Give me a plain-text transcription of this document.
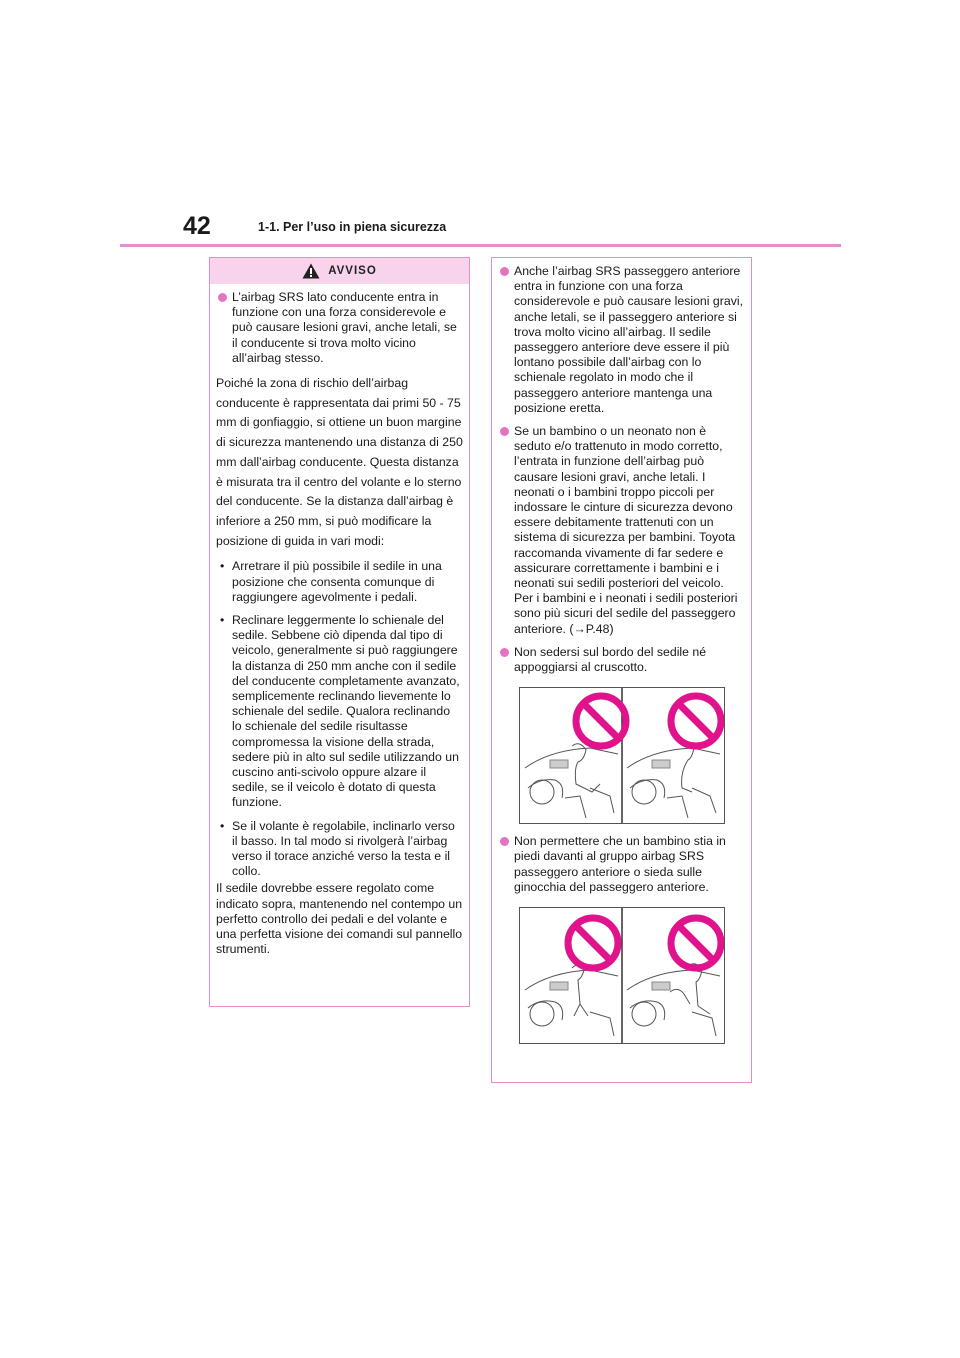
42	1-1. Per l’uso in piena sicurezza
AVVISO
L’airbag SRS lato conducente entra in funzione con una forza considerevole e può causare lesioni gravi, anche letali, se il conducente si trova molto vicino all’airbag stesso.

Poiché la zona di rischio dell’airbag conducente è rappresentata dai primi 50 - 75 mm di gonfiaggio, si ottiene un buon margine di sicurezza mantenendo una distanza di 250 mm dall’airbag conducente. Questa distanza è misurata tra il centro del volante e lo sterno del conducente. Se la distanza dall’airbag è inferiore a 250 mm, si può modificare la posizione di guida in vari modi:

• Arretrare il più possibile il sedile in una posizione che consenta comunque di raggiungere agevolmente i pedali.
• Reclinare leggermente lo schienale del sedile. Sebbene ciò dipenda dal tipo di veicolo, generalmente si può raggiungere la distanza di 250 mm anche con il sedile del conducente completamente avanzato, semplicemente reclinando lievemente lo schienale del sedile. Qualora reclinando lo schienale del sedile risultasse compromessa la visione della strada, sedere più in alto sul sedile utilizzando un cuscino anti-scivolo oppure alzare il sedile, se il veicolo è dotato di questa funzione.
• Se il volante è regolabile, inclinarlo verso il basso. In tal modo si rivolgerà l’airbag verso il torace anziché verso la testa e il collo.

Il sedile dovrebbe essere regolato come indicato sopra, mantenendo nel contempo un perfetto controllo dei pedali e del volante e una perfetta visione dei comandi sul pannello strumenti.

Anche l’airbag SRS passeggero anteriore entra in funzione con una forza considerevole e può causare lesioni gravi, anche letali, se il passeggero anteriore si trova molto vicino all’airbag. Il sedile passeggero anteriore deve essere il più lontano possibile dall’airbag con lo schienale regolato in modo che il passeggero anteriore mantenga una posizione eretta.
Se un bambino o un neonato non è seduto e/o trattenuto in modo corretto, l’entrata in funzione dell’airbag può causare lesioni gravi, anche letali. I neonati o i bambini troppo piccoli per indossare le cinture di sicurezza devono essere debitamente trattenuti con un sistema di sicurezza per bambini. Toyota raccomanda vivamente di far sedere e assicurare correttamente i bambini e i neonati sui sedili posteriori del veicolo. Per i bambini e i neonati i sedili posteriori sono più sicuri del sedile del passeggero anteriore. (→P.48)
Non sedersi sul bordo del sedile né appoggiarsi al cruscotto.
Non permettere che un bambino stia in piedi davanti al gruppo airbag SRS passeggero anteriore o sieda sulle ginocchia del passeggero anteriore.
